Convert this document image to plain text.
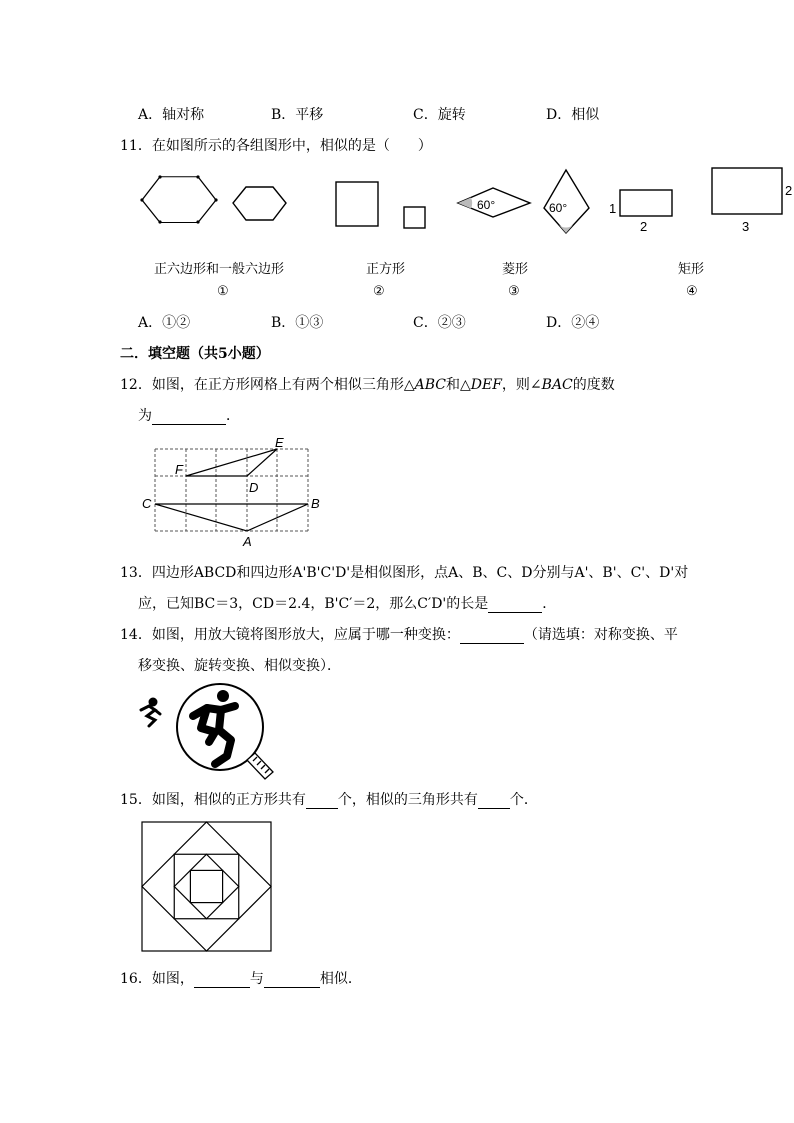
A．轴对称	B．平移	C．旋转	D．相似
11．在如图所示的各组图形中，相似的是（　　）
60°	60°	1
2
2
3
正六边形和一般六边形	正方形	菱形	矩形
①	②	③	④
A．①②	B．①③	C．②③	D．②④
二．填空题（共5小题）
12．如图，在正方形网格上有两个相似三角形△ABC和△DEF，则∠BAC的度数
为	．
E
F
D
C	B
A
13．四边形ABCD和四边形A'B'C'D'是相似图形，点A、B、C、D分别与A'、B'、C'、D'对
应，已知BC＝3，CD＝2.4，B'C′＝2，那么C′D'的长是	．
14．如图，用放大镜将图形放大，应属于哪一种变换：	（请选填：对称变换、平
移变换、旋转变换、相似变换）．
15．如图，相似的正方形共有 个，相似的三角形共有 个．
16．如图，	与	相似．
